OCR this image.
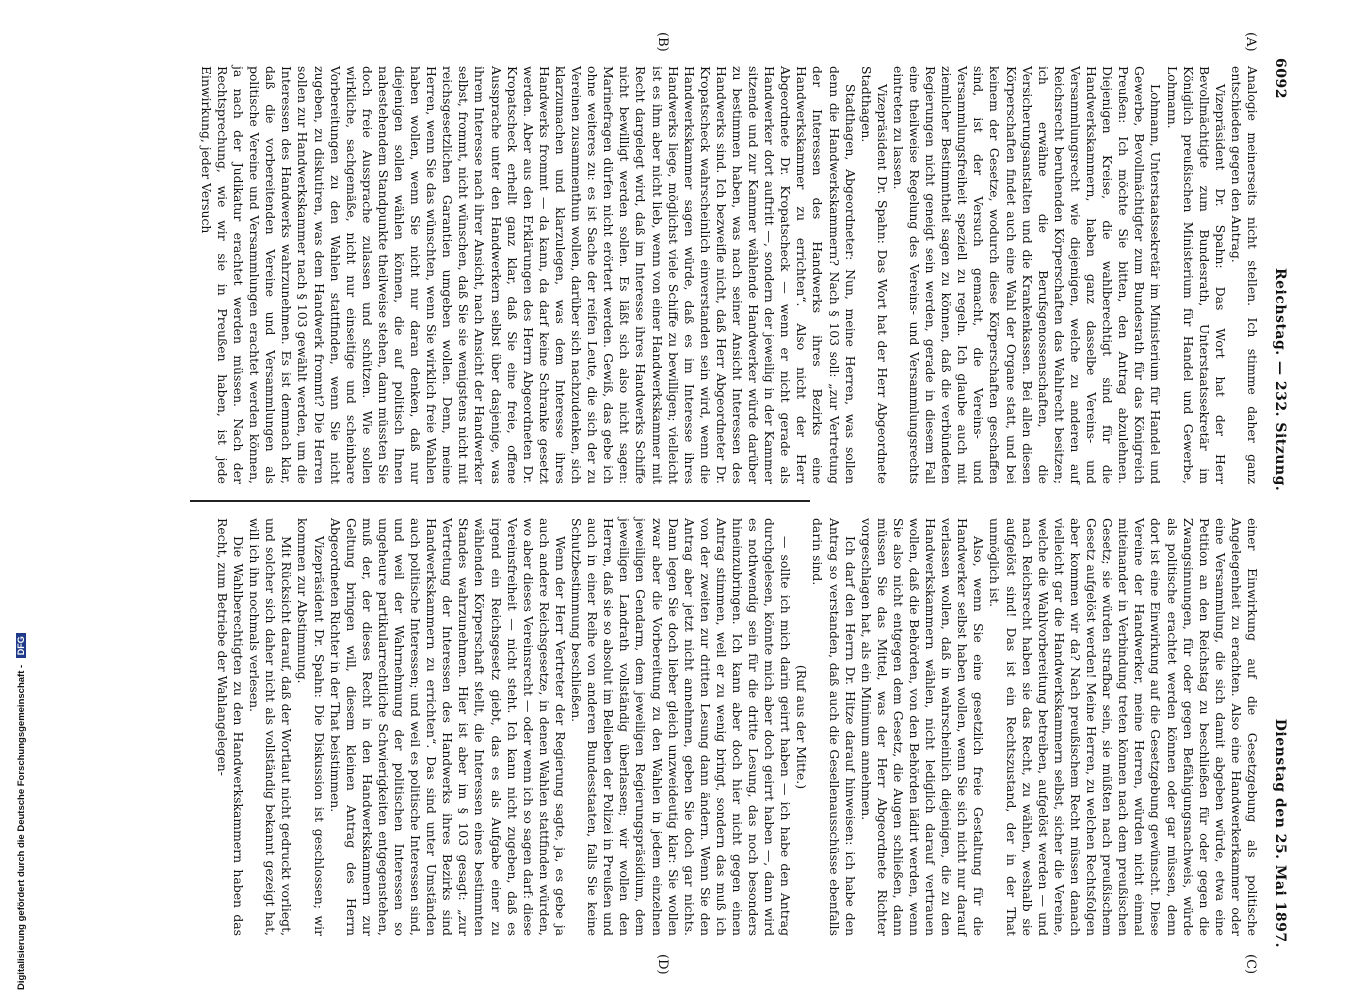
6092
Reichstag. — 232. Sitzung.
Dienstag den 25. Mai 1897.
(A)
(B)
(C)
(D)

Analogie meinerseits nicht stellen. Ich stimme daher ganz entschieden gegen den Antrag.

Vizepräsident Dr. Spahn: Das Wort hat der Herr Bevollmächtigte zum Bundesrath, Unterstaatssekretär im Königlich preußischen Ministerium für Handel und Gewerbe, Lohmann.

Lohmann, Unterstaatssekretär im Ministerium für Handel und Gewerbe, Bevollmächtigter zum Bundesrath für das Königreich Preußen: Ich möchte Sie bitten, den Antrag abzulehnen. Diejenigen Kreise, die wahlberechtigt sind für die Handwerkskammern, haben ganz dasselbe Vereins- und Versammlungsrecht wie diejenigen, welche zu anderen auf Reichsrecht beruhenden Körperschaften das Wahlrecht besitzen; ich erwähne die Berufsgenossenschaften, die Versicherungsanstalten und die Krankenkassen. Bei allen diesen Körperschaften findet auch eine Wahl der Organe statt, und bei keinem der Gesetze, wodurch diese Körperschaften geschaffen sind, ist der Versuch gemacht, die Vereins- und Versammlungsfreiheit speziell zu regeln. Ich glaube auch mit ziemlicher Bestimmtheit sagen zu können, daß die verbündeten Regierungen nicht geneigt sein werden, gerade in diesem Fall eine theilweise Regelung des Vereins- und Versammlungsrechts eintreten zu lassen.

Vizepräsident Dr. Spahn: Das Wort hat der Herr Abgeordnete Stadthagen.

Stadthagen, Abgeordneter: Nun, meine Herren, was sollen denn die Handwerkskammern? Nach § 103 soll: „zur Vertretung der Interessen des Handwerks ihres Bezirks eine Handwerkskammer zu errichten“. Also nicht der Herr Abgeordnete Dr. Kropatscheck — wenn er nicht gerade als Handwerker dort auftritt —, sondern der jeweilig in der Kammer sitzende und zur Kammer wählende Handwerker würde darüber zu bestimmen haben, was nach seiner Ansicht Interessen des Handwerks sind. Ich bezweifle nicht, daß Herr Abgeordneter Dr. Kropatscheck wahrscheinlich einverstanden sein wird, wenn die Handwerkskammer sagen würde, daß es im Interesse ihres Handwerks liege, möglichst viele Schiffe zu bewilligen; vielleicht ist es ihm aber nicht lieb, wenn von einer Handwerkskammer mit Recht dargelegt wird, daß im Interesse ihres Handwerks Schiffe nicht bewilligt werden sollen. Es läßt sich also nicht sagen: Marinefragen dürfen nicht erörtert werden. Gewiß, das gebe ich ohne weiteres zu: es ist Sache der reifen Leute, die sich der zu Vereinen zusammenthun wollen, darüber sich nachzudenken, sich klarzumachen und klarzulegen, was dem Interesse ihres Handwerks frommt — da kann, da darf keine Schranke gesetzt werden. Aber aus den Erklärungen des Herrn Abgeordneten Dr. Kropatscheck erhellt ganz klar, daß Sie eine freie, offene Aussprache unter den Handwerkern selbst über dasjenige, was ihrem Interesse nach ihrer Ansicht, nach Ansicht der Handwerker selbst, frommt, nicht wünschen, daß Sie sie wenigstens nicht mit reichsgesetzlichen Garantien umgeben wollen. Denn, meine Herren, wenn Sie das wünschten, wenn Sie wirklich freie Wahlen haben wollen, wenn Sie nicht nur daran denken, daß nur diejenigen sollen wählen können, die auf politisch Ihnen nahestehendem Standpunkte theilweise stehen, dann müssten Sie doch freie Aussprache zulassen und schützen. Wie sollen wirkliche, sachgemäße, nicht nur einseitige und scheinbare Vorbereitungen zu den Wahlen stattfinden, wenn Sie nicht zugeben, zu diskutiren, was dem Handwerk frommt? Die Herren sollen zur Handwerkskammer nach § 103 gewählt werden, um die Interessen des Handwerks wahrzunehmen. Es ist demnach klar, daß die vorbereitenden Vereine und Versammlungen als politische Vereine und Versammlungen erachtet werden können, ja nach der Judikatur erachtet werden müssen. Nach der Rechtsprechung, wie wir sie in Preußen haben, ist jede Einwirkung, jeder Versuch

einer Einwirkung auf die Gesetzgebung als politische Angelegenheit zu erachten. Also eine Handwerkerkammer oder eine Versammlung, die sich damit abgeben würde, etwa eine Petition an den Reichstag zu beschließen für oder gegen die Zwangsinnungen, für oder gegen Befähigungsnachweis, würde als politische erachtet werden können oder gar müssen, denn dort ist eine Einwirkung auf die Gesetzgebung gewünscht. Diese Vereine der Handwerker, meine Herren, würden nicht einmal miteinander in Verbindung treten können nach dem preußischen Gesetz; sie würden strafbar sein, sie müßten nach preußischem Gesetz aufgelöst werden! Meine Herren, zu welchen Rechtsfolgen aber kommen wir da? Nach preußischem Recht müssen danach vielleicht gar die Handwerkskammern selbst, sicher die Vereine, welche die Wahlvorbereitung betreiben, aufgelöst werden — und nach Reichsrecht haben sie das Recht, zu wählen, weshalb sie aufgelöst sind! Das ist ein Rechtszustand, der in der That unmöglich ist.

Also, wenn Sie eine gesetzlich freie Gestaltung für die Handwerker selbst haben wollen, wenn Sie sich nicht nur darauf verlassen wollen, daß in wahrscheinlich diejenigen, die zu den Handwerkskammern wählen, nicht lediglich darauf vertrauen wollen, daß die Behörden, von den Behörden lädirt werden, wenn Sie also nicht entgegen dem Gesetz, die Augen schließen, dann müssen Sie das Mittel, was der Herr Abgeordnete Richter vorgeschlagen hat, als ein Minimum annehmen.

Ich darf den Herrn Dr. Hitze darauf hinweisen: ich habe den Antrag so verstanden, daß auch die Gesellenausschüsse ebenfalls darin sind.

(Ruf aus der Mitte.)

— sollte ich mich darin geirrt haben — ich habe den Antrag durchgelesen, könnte mich aber doch geirrt haben —, dann wird es nothwendig sein für die dritte Lesung, das noch besonders hineinzubringen. Ich kann aber doch hier nicht gegen einen Antrag stimmen, weil er zu wenig bringt, sondern das muß ich von der zweiten zur dritten Lesung dann ändern. Wenn Sie den Antrag aber jetzt nicht annehmen, geben Sie doch gar nichts. Dann legen Sie doch lieber gleich unzweideutig klar: Sie wollen zwar aber die Vorbereitung zu den Wahlen in jedem einzelnen jeweiligen Gendarm, dem jeweiligen Regierungspräsidium, dem jeweiligen Landrath vollständig überlassen; wir wollen den Herren, daß sie so absolut im Belieben der Polizei in Preußen und auch in einer Reihe von anderen Bundesstaaten, falls Sie keine Schutzbestimmung beschließen.

Wenn der Herr Vertreter der Regierung sagte, ja, es gebe ja auch andere Reichsgesetze, in denen Wahlen stattfinden würden, wo aber dieses Vereinsrecht — oder wenn ich so sagen darf: diese Vereinsfreiheit — nicht steht. Ich kann nicht zugeben, daß es irgend ein Reichsgesetz giebt, das es als Aufgabe einer zu wählenden Körperschaft stellt, die Interessen eines bestimmten Standes wahrzunehmen. Hier ist aber im § 103 gesagt: „zur Vertretung der Interessen des Handwerks ihres Bezirks sind Handwerkskammern zu errichten“. Das sind unter Umständen auch politische Interessen; und weil es politische Interessen sind, und weil der Wahrnehmung der politischen Interessen so ungeheure partikularrechtliche Schwierigkeiten entgegenstehen, muß der, der dieses Recht in den Handwerkskammern zur Geltung bringen will, diesem kleinen Antrag des Herrn Abgeordneten Richter in der That beistimmen.

Vizepräsident Dr. Spahn: Die Diskussion ist geschlossen; wir kommen zur Abstimmung.

Mit Rücksicht darauf, daß der Wortlaut nicht gedruckt vorliegt, und solcher sich daher nicht als vollständig bekannt gezeigt hat, will ich ihn nochmals verlesen.

Die Wahlberechtigten zu den Handwerkskammern haben das Recht, zum Betriebe der Wahlangelegen-

Digitalisierung gefördert durch die Deutsche Forschungsgemeinschaft - DFG
